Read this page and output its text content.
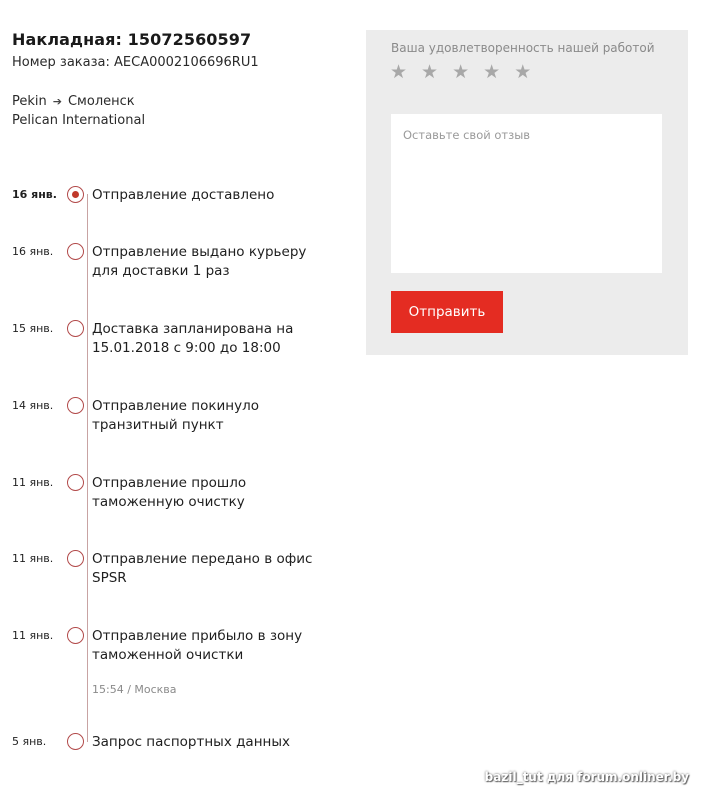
Накладная: 15072560597
Номер заказа: AECA0002106696RU1
Pekin ➔ Смоленск
Pelican International
16 янв.	Отправление доставлено
16 янв.	Отправление выдано курьеру для доставки 1 раз
15 янв.	Доставка запланирована на 15.01.2018 с 9:00 до 18:00
14 янв.	Отправление покинуло транзитный пункт
11 янв.	Отправление прошло таможенную очистку
11 янв.	Отправление передано в офис SPSR
11 янв.	Отправление прибыло в зону таможенной очистки
15:54 / Москва
5 янв.	Запрос паспортных данных
Ваша удовлетворенность нашей работой
★ ★ ★ ★ ★
Оставьте свой отзыв
Отправить
bazil_tut для forum.onliner.by
